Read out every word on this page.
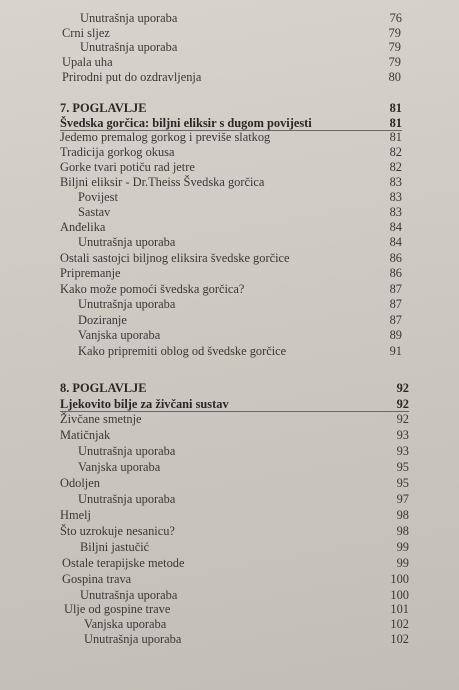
Unutrašnja uporaba	76
Crni sljez	79
Unutrašnja uporaba	79
Upala uha	79
Prirodni put do ozdravljenja	80
7. POGLAVLJE	81
Švedska gorčica: biljni eliksir s dugom povijesti	81
Jedemo premalog gorkog i previše slatkog	81
Tradicija gorkog okusa	82
Gorke tvari potiču rad jetre	82
Biljni eliksir - Dr.Theiss Švedska gorčica	83
Povijest	83
Sastav	83
Anđelika	84
Unutrašnja uporaba	84
Ostali sastojci biljnog eliksira švedske gorčice	86
Pripremanje	86
Kako može pomoći švedska gorčica?	87
Unutrašnja uporaba	87
Doziranje	87
Vanjska uporaba	89
Kako pripremiti oblog od švedske gorčice	91
8. POGLAVLJE	92
Ljekovito bilje za živčani sustav	92
Živčane smetnje	92
Matičnjak	93
Unutrašnja uporaba	93
Vanjska uporaba	95
Odoljen	95
Unutrašnja uporaba	97
Hmelj	98
Što uzrokuje nesanicu?	98
Biljni jastučić	99
Ostale terapijske metode	99
Gospina trava	100
Unutrašnja uporaba	100
Ulje od gospine trave	101
Vanjska uporaba	102
Unutrašnja uporaba	102
